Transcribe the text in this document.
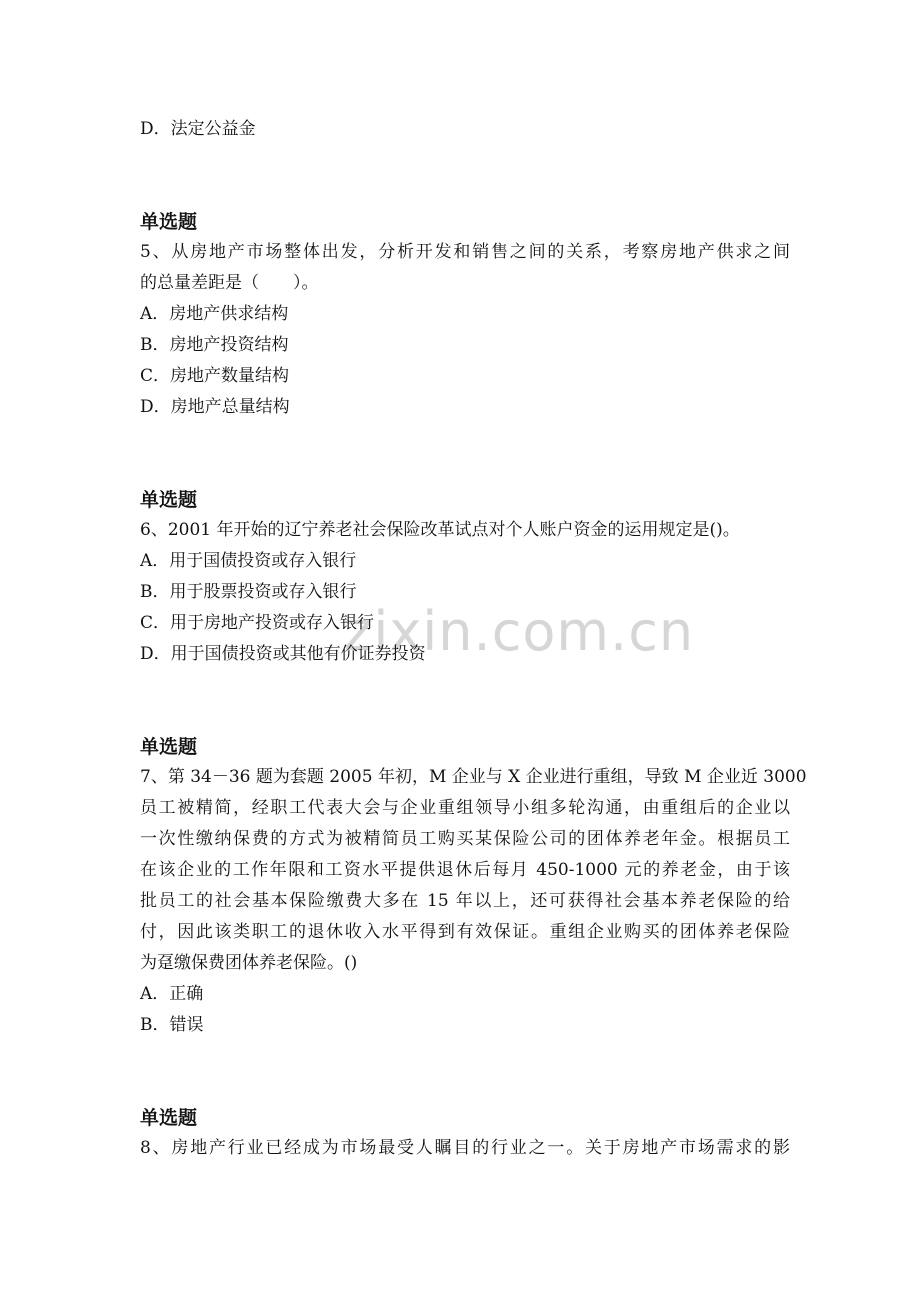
zixin.com.cn
D．法定公益金
单选题
5、从房地产市场整体出发，分析开发和销售之间的关系，考察房地产供求之间
的总量差距是（　　）。
A．房地产供求结构
B．房地产投资结构
C．房地产数量结构
D．房地产总量结构
单选题
6、2001 年开始的辽宁养老社会保险改革试点对个人账户资金的运用规定是()。
A．用于国债投资或存入银行
B．用于股票投资或存入银行
C．用于房地产投资或存入银行
D．用于国债投资或其他有价证券投资
单选题
7、第 34－36 题为套题 2005 年初，M 企业与 X 企业进行重组，导致 M 企业近 3000
员工被精简，经职工代表大会与企业重组领导小组多轮沟通，由重组后的企业以
一次性缴纳保费的方式为被精简员工购买某保险公司的团体养老年金。根据员工
在该企业的工作年限和工资水平提供退休后每月 450-1000 元的养老金，由于该
批员工的社会基本保险缴费大多在 15 年以上，还可获得社会基本养老保险的给
付，因此该类职工的退休收入水平得到有效保证。重组企业购买的团体养老保险
为趸缴保费团体养老保险。()
A．正确
B．错误
单选题
8、房地产行业已经成为市场最受人瞩目的行业之一。关于房地产市场需求的影
